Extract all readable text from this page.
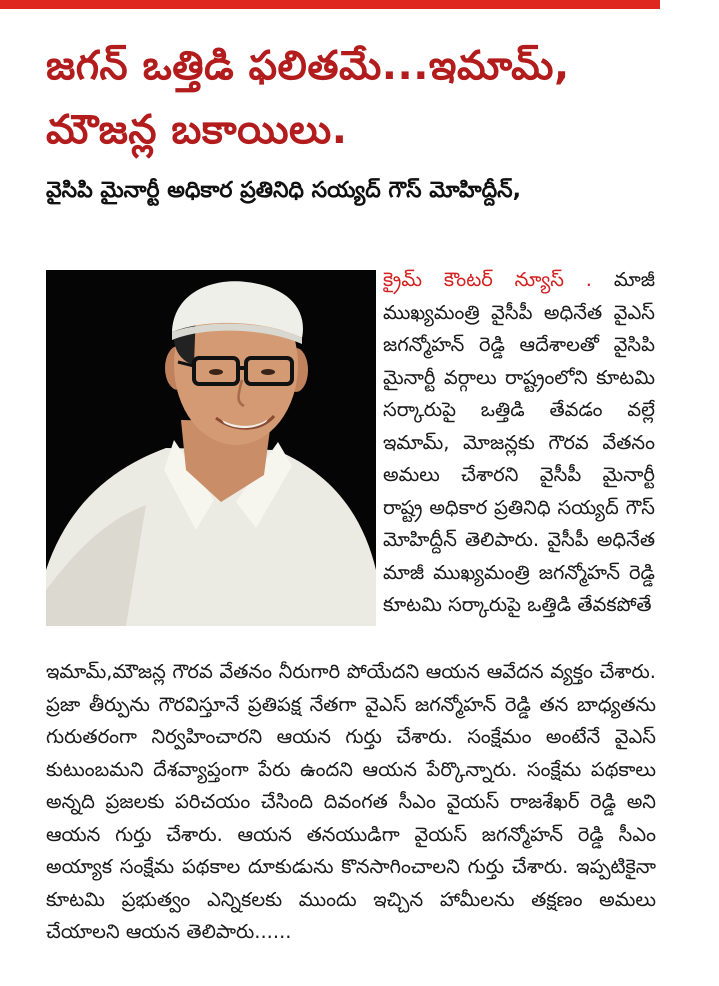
జగన్ ఒత్తిడి ఫలితమే...ఇమామ్, మౌజన్ల బకాయిలు.
వైసిపి మైనార్టీ అధికార ప్రతినిధి సయ్యద్ గౌస్ మోహిద్దీన్,

క్రైమ్ కౌంటర్ న్యూస్ . మాజీ ముఖ్యమంత్రి వైసీపీ అధినేత వైఎస్ జగన్మోహన్ రెడ్డి ఆదేశాలతో వైసిపి మైనార్టీ వర్గాలు రాష్ట్రంలోని కూటమి సర్కారుపై ఒత్తిడి తేవడం వల్లే ఇమామ్, మోజన్లకు గౌరవ వేతనం అమలు చేశారని వైసీపీ మైనార్టీ రాష్ట్ర అధికార ప్రతినిధి సయ్యద్ గౌస్ మోహిద్దీన్ తెలిపారు. వైసీపీ అధినేత మాజీ ముఖ్యమంత్రి జగన్మోహన్ రెడ్డి కూటమి సర్కారుపై ఒత్తిడి తేవకపోతే

ఇమామ్,మౌజన్ల గౌరవ వేతనం నీరుగారి పోయేదని ఆయన ఆవేదన వ్యక్తం చేశారు. ప్రజా తీర్పును గౌరవిస్తూనే ప్రతిపక్ష నేతగా వైఎస్ జగన్మోహన్ రెడ్డి తన బాధ్యతను గురుతరంగా నిర్వహించారని ఆయన గుర్తు చేశారు. సంక్షేమం అంటేనే వైఎస్ కుటుంబమని దేశవ్యాప్తంగా పేరు ఉందని ఆయన పేర్కొన్నారు. సంక్షేమ పథకాలు అన్నది ప్రజలకు పరిచయం చేసింది దివంగత సీఎం వైయస్ రాజశేఖర్ రెడ్డి అని ఆయన గుర్తు చేశారు. ఆయన తనయుడిగా వైయస్ జగన్మోహన్ రెడ్డి సీఎం అయ్యాక సంక్షేమ పథకాల దూకుడును కొనసాగించాలని గుర్తు చేశారు. ఇప్పటికైనా కూటమి ప్రభుత్వం ఎన్నికలకు ముందు ఇచ్చిన హామీలను తక్షణం అమలు చేయాలని ఆయన తెలిపారు......
